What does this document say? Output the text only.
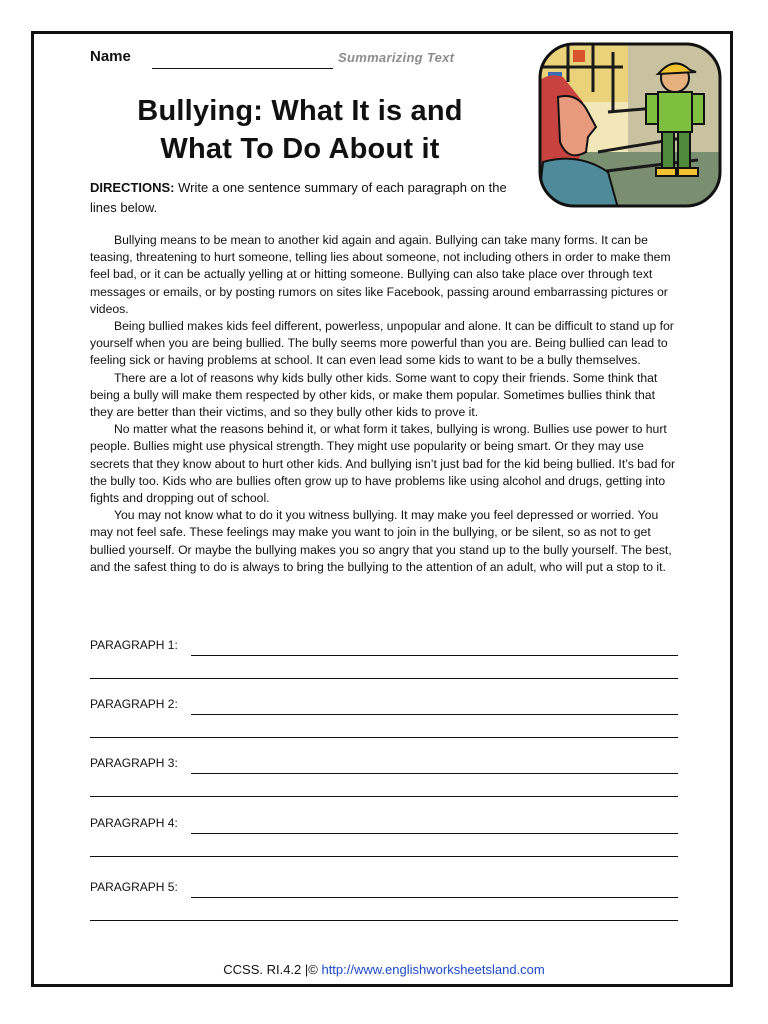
Name	Summarizing Text
Bullying: What It is and
What To Do About it
DIRECTIONS: Write a one sentence summary of each paragraph on the lines below.

Bullying means to be mean to another kid again and again. Bullying can take many forms. It can be teasing, threatening to hurt someone, telling lies about someone, not including others in order to make them feel bad, or it can be actually yelling at or hitting someone. Bullying can also take place over through text messages or emails, or by posting rumors on sites like Facebook, passing around embarrassing pictures or videos.

Being bullied makes kids feel different, powerless, unpopular and alone. It can be difficult to stand up for yourself when you are being bullied. The bully seems more powerful than you are. Being bullied can lead to feeling sick or having problems at school. It can even lead some kids to want to be a bully themselves.

There are a lot of reasons why kids bully other kids. Some want to copy their friends. Some think that being a bully will make them respected by other kids, or make them popular. Sometimes bullies think that they are better than their victims, and so they bully other kids to prove it.

No matter what the reasons behind it, or what form it takes, bullying is wrong. Bullies use power to hurt people. Bullies might use physical strength. They might use popularity or being smart. Or they may use secrets that they know about to hurt other kids. And bullying isn’t just bad for the kid being bullied. It’s bad for the bully too. Kids who are bullies often grow up to have problems like using alcohol and drugs, getting into fights and dropping out of school.

You may not know what to do it you witness bullying. It may make you feel depressed or worried. You may not feel safe. These feelings may make you want to join in the bullying, or be silent, so as not to get bullied yourself. Or maybe the bullying makes you so angry that you stand up to the bully yourself. The best, and the safest thing to do is always to bring the bullying to the attention of an adult, who will put a stop to it.

PARAGRAPH 1:
PARAGRAPH 2:
PARAGRAPH 3:
PARAGRAPH 4:
PARAGRAPH 5:
CCSS. RI.4.2 |© http://www.englishworksheetsland.com
